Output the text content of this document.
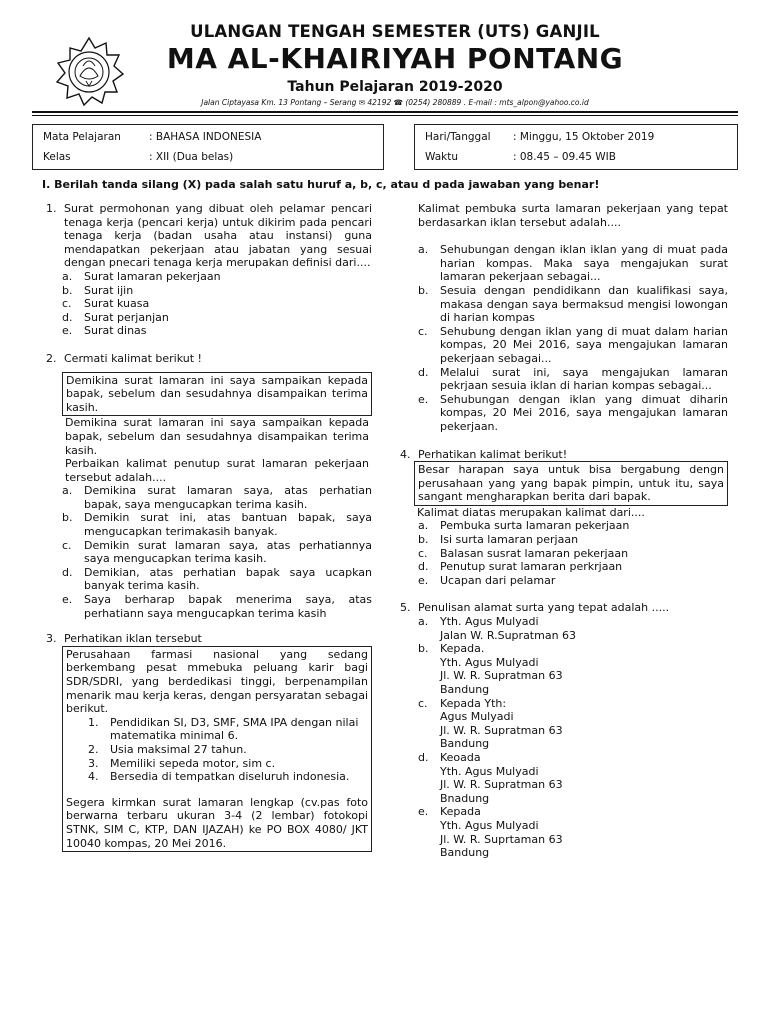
ULANGAN TENGAH SEMESTER (UTS) GANJIL
MA AL-KHAIRIYAH PONTANG
Tahun Pelajaran 2019-2020
Jalan Ciptayasa Km. 13 Pontang – Serang ✉ 42192 ☎ (0254) 280889 . E-mail : mts_alpon@yahoo.co.id
Mata Pelajaran	: BAHASA INDONESIA
Kelas	: XII (Dua belas)
Hari/Tanggal : Minggu, 15 Oktober 2019
Waktu	: 08.45 – 09.45 WIB
I. Berilah tanda silang (X) pada salah satu huruf a, b, c, atau d pada jawaban yang benar!
1. Surat permohonan yang dibuat oleh pelamar pencari tenaga kerja (pencari kerja) untuk dikirim pada pencari tenaga kerja (badan usaha atau instansi) guna mendapatkan pekerjaan atau jabatan yang sesuai dengan pnecari tenaga kerja merupakan definisi dari....

a.	Surat lamaran pekerjaan
b.	Surat ijin
c.	Surat kuasa
d.	Surat perjanjan
e.	Surat dinas
2. Cermati kalimat berikut !

Demikina surat lamaran ini saya sampaikan kepada bapak, sebelum dan sesudahnya disampaikan terima kasih.

Demikina surat lamaran ini saya sampaikan kepada bapak, sebelum dan sesudahnya disampaikan terima kasih.

Perbaikan kalimat penutup surat lamaran pekerjaan tersebut adalah....

a.	Demikina surat lamaran saya, atas perhatian bapak, saya mengucapkan terima kasih.
b.	Demikin surat ini, atas bantuan bapak, saya mengucapkan terimakasih banyak.
c.	Demikin surat lamaran saya, atas perhatiannya saya mengucapkan terima kasih.
d.	Demikian, atas perhatian bapak saya ucapkan banyak terima kasih.
e.	Saya berharap bapak menerima saya, atas perhatiann saya mengucapkan terima kasih
3. Perhatikan iklan tersebut

Perusahaan farmasi nasional yang sedang berkembang pesat mmebuka peluang karir bagi SDR/SDRI, yang berdedikasi tinggi, berpenampilan menarik mau kerja keras, dengan persyaratan sebagai berikut.

1.	Pendidikan SI, D3, SMF, SMA IPA dengan nilai matematika minimal 6.
2.	Usia maksimal 27 tahun.
3.	Memiliki sepeda motor, sim c.
4.	Bersedia di tempatkan diseluruh indonesia.

Segera kirmkan surat lamaran lengkap (cv.pas foto berwarna terbaru ukuran 3-4 (2 lembar) fotokopi STNK, SIM C, KTP, DAN IJAZAH) ke PO BOX 4080/ JKT 10040 kompas, 20 Mei 2016.

Kalimat pembuka surta lamaran pekerjaan yang tepat berdasarkan iklan tersebut adalah....

a.	Sehubungan dengan iklan iklan yang di muat pada harian kompas. Maka saya mengajukan surat lamaran pekerjaan sebagai...
b.	Sesuia dengan pendidikann dan kualifikasi saya, makasa dengan saya bermaksud mengisi lowongan di harian kompas
c.	Sehubung dengan iklan yang di muat dalam harian kompas, 20 Mei 2016, saya mengajukan lamaran pekerjaan sebagai...
d.	Melalui surat ini, saya mengajukan lamaran pekrjaan sesuia iklan di harian kompas sebagai...
e.	Sehubungan dengan iklan yang dimuat diharin kompas, 20 Mei 2016, saya mengajukan lamaran pekerjaan.
4. Perhatikan kalimat berikut!

Besar harapan saya untuk bisa bergabung dengn perusahaan yang yang bapak pimpin, untuk itu, saya sangant mengharapkan berita dari bapak.

Kalimat diatas merupakan kalimat dari....

a.	Pembuka surta lamaran pekerjaan
b.	Isi surta lamaran perjaan
c.	Balasan susrat lamaran pekerjaan
d.	Penutup surat lamaran perkrjaan
e.	Ucapan dari pelamar
5. Penulisan alamat surta yang tepat adalah .....

a.	Yth. Agus Mulyadi
Jalan W. R.Supratman 63
b.	Kepada.
Yth. Agus Mulyadi
Jl. W. R. Supratman 63
Bandung
c.	Kepada Yth:
Agus Mulyadi
Jl. W. R. Supratman 63
Bandung
d.	Keoada
Yth. Agus Mulyadi
Jl. W. R. Supratman 63
Bnadung
e.	Kepada
Yth. Agus Mulyadi
Jl. W. R. Suprtaman 63
Bandung
